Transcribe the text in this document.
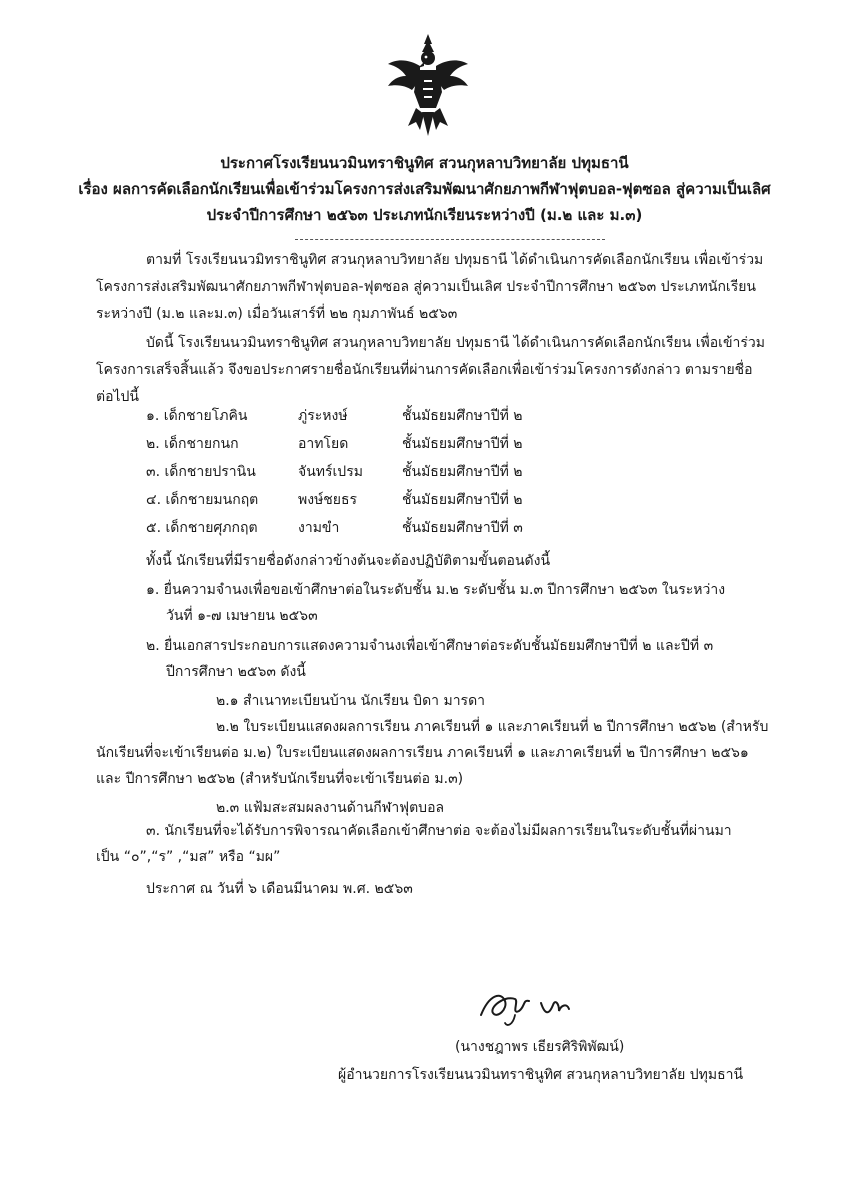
ประกาศโรงเรียนนวมินทราชินูทิศ สวนกุหลาบวิทยาลัย ปทุมธานี
เรื่อง ผลการคัดเลือกนักเรียนเพื่อเข้าร่วมโครงการส่งเสริมพัฒนาศักยภาพกีฬาฟุตบอล-ฟุตซอล สู่ความเป็นเลิศ
ประจำปีการศึกษา ๒๕๖๓ ประเภทนักเรียนระหว่างปี (ม.๒ และ ม.๓)
ตามที่ โรงเรียนนวมิทราชินูทิศ สวนกุหลาบวิทยาลัย ปทุมธานี ได้ดำเนินการคัดเลือกนักเรียน เพื่อเข้าร่วม
โครงการส่งเสริมพัฒนาศักยภาพกีฬาฟุตบอล-ฟุตซอล สู่ความเป็นเลิศ ประจำปีการศึกษา ๒๕๖๓ ประเภทนักเรียน
ระหว่างปี (ม.๒ และม.๓) เมื่อวันเสาร์ที่ ๒๒ กุมภาพันธ์ ๒๕๖๓
บัดนี้ โรงเรียนนวมินทราชินูทิศ สวนกุหลาบวิทยาลัย ปทุมธานี ได้ดำเนินการคัดเลือกนักเรียน เพื่อเข้าร่วม
โครงการเสร็จสิ้นแล้ว จึงขอประกาศรายชื่อนักเรียนที่ผ่านการคัดเลือกเพื่อเข้าร่วมโครงการดังกล่าว ตามรายชื่อ
ต่อไปนี้
๑. เด็กชายโภคิน	ภู่ระหงษ์	ชั้นมัธยมศึกษาปีที่ ๒
๒. เด็กชายกนก	อาทโยด	ชั้นมัธยมศึกษาปีที่ ๒
๓. เด็กชายปรานิน	จันทร์เปรม	ชั้นมัธยมศึกษาปีที่ ๒
๔. เด็กชายมนกฤต	พงษ์ชยธร	ชั้นมัธยมศึกษาปีที่ ๒
๕. เด็กชายศุภกฤต	งามขำ	ชั้นมัธยมศึกษาปีที่ ๓
ทั้งนี้ นักเรียนที่มีรายชื่อดังกล่าวข้างต้นจะต้องปฏิบัติตามขั้นตอนดังนี้
๑. ยื่นความจำนงเพื่อขอเข้าศึกษาต่อในระดับชั้น ม.๒ ระดับชั้น ม.๓ ปีการศึกษา ๒๕๖๓ ในระหว่าง
วันที่ ๑-๗ เมษายน ๒๕๖๓
๒. ยื่นเอกสารประกอบการแสดงความจำนงเพื่อเข้าศึกษาต่อระดับชั้นมัธยมศึกษาปีที่ ๒ และปีที่ ๓
ปีการศึกษา ๒๕๖๓ ดังนี้
๒.๑ สำเนาทะเบียนบ้าน นักเรียน บิดา มารดา
๒.๒ ใบระเบียนแสดงผลการเรียน ภาคเรียนที่ ๑ และภาคเรียนที่ ๒ ปีการศึกษา ๒๕๖๒ (สำหรับ
นักเรียนที่จะเข้าเรียนต่อ ม.๒) ใบระเบียนแสดงผลการเรียน ภาคเรียนที่ ๑ และภาคเรียนที่ ๒ ปีการศึกษา ๒๕๖๑
และ ปีการศึกษา ๒๕๖๒ (สำหรับนักเรียนที่จะเข้าเรียนต่อ ม.๓)
๒.๓ แฟ้มสะสมผลงานด้านกีฬาฟุตบอล
๓. นักเรียนที่จะได้รับการพิจารณาคัดเลือกเข้าศึกษาต่อ จะต้องไม่มีผลการเรียนในระดับชั้นที่ผ่านมา
เป็น “๐”,“ร” ,“มส” หรือ “มผ”
ประกาศ ณ วันที่ ๖ เดือนมีนาคม พ.ศ. ๒๕๖๓
(นางชฎาพร เธียรศิริพิพัฒน์)
ผู้อำนวยการโรงเรียนนวมินทราชินูทิศ สวนกุหลาบวิทยาลัย ปทุมธานี
